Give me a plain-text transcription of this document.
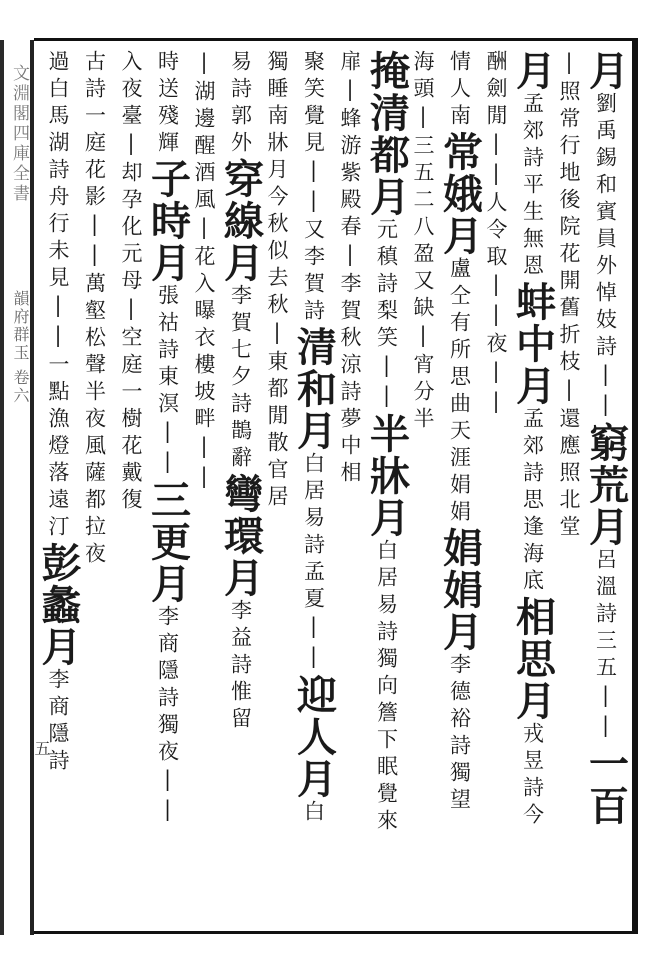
文淵閣四庫全書
韻府群玉 卷六
五
月劉禹錫和賓員外悼妓詩||窮荒月呂溫詩三五||一百
|照常行地後院花開舊折枝|還應照北堂
月孟郊詩平生無恩蚌中月孟郊詩思逢海底相思月戎昱詩今
酬劍閒||人令取||夜||
情人南常娥月盧仝有所思曲天涯娟娟娟娟月李德裕詩獨望
海頭|三五二八盈又缺|宵分半
掩清都月元稹詩梨笑||半牀月白居易詩獨向簷下眠覺來
扉|蜂游紫殿春|李賀秋涼詩夢中相
聚笑覺見||又李賀詩清和月白居易詩孟夏||迎人月白
獨睡南牀月今秋似去秋|東都閒散官居
易詩郭外穿線月李賀七夕詩鵲辭彎環月李益詩惟留
|湖邊醒酒風|花入曝衣樓坡畔||
時送殘輝子時月張祜詩東溟||三更月李商隱詩獨夜||
入夜臺|却孕化元母|空庭一樹花戴復
古詩一庭花影||萬壑松聲半夜風薩都拉夜
過白馬湖詩舟行未見||一點漁燈落遠汀彭蠡月李商隱詩
